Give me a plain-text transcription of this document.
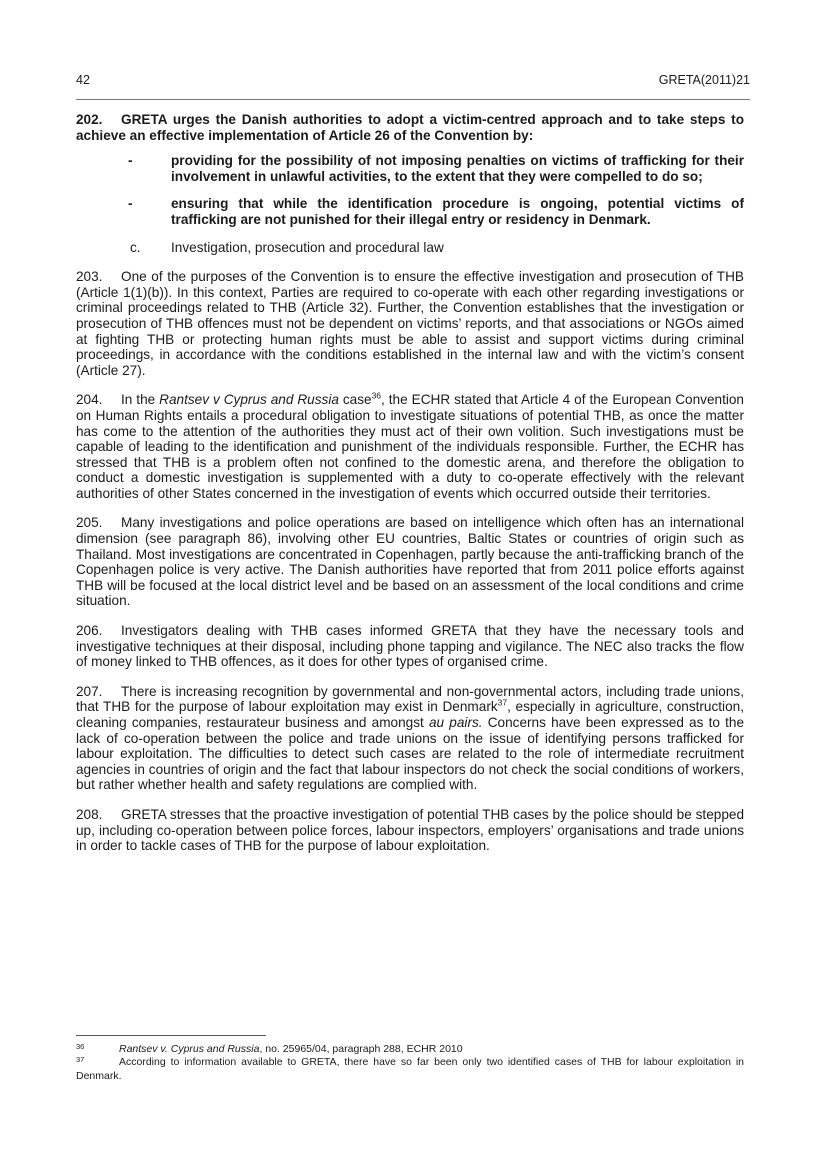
42	GRETA(2011)21

202. GRETA urges the Danish authorities to adopt a victim-centred approach and to take steps to achieve an effective implementation of Article 26 of the Convention by:

-	providing for the possibility of not imposing penalties on victims of trafficking for their involvement in unlawful activities, to the extent that they were compelled to do so;
-	ensuring that while the identification procedure is ongoing, potential victims of trafficking are not punished for their illegal entry or residency in Denmark.
c. Investigation, prosecution and procedural law

203. One of the purposes of the Convention is to ensure the effective investigation and prosecution of THB (Article 1(1)(b)). In this context, Parties are required to co-operate with each other regarding investigations or criminal proceedings related to THB (Article 32). Further, the Convention establishes that the investigation or prosecution of THB offences must not be dependent on victims’ reports, and that associations or NGOs aimed at fighting THB or protecting human rights must be able to assist and support victims during criminal proceedings, in accordance with the conditions established in the internal law and with the victim’s consent (Article 27).

204. In the Rantsev v Cyprus and Russia case$^{36}$, the ECHR stated that Article 4 of the European Convention on Human Rights entails a procedural obligation to investigate situations of potential THB, as once the matter has come to the attention of the authorities they must act of their own volition. Such investigations must be capable of leading to the identification and punishment of the individuals responsible. Further, the ECHR has stressed that THB is a problem often not confined to the domestic arena, and therefore the obligation to conduct a domestic investigation is supplemented with a duty to co-operate effectively with the relevant authorities of other States concerned in the investigation of events which occurred outside their territories.

205. Many investigations and police operations are based on intelligence which often has an international dimension (see paragraph 86), involving other EU countries, Baltic States or countries of origin such as Thailand. Most investigations are concentrated in Copenhagen, partly because the anti-trafficking branch of the Copenhagen police is very active. The Danish authorities have reported that from 2011 police efforts against THB will be focused at the local district level and be based on an assessment of the local conditions and crime situation.

206. Investigators dealing with THB cases informed GRETA that they have the necessary tools and investigative techniques at their disposal, including phone tapping and vigilance. The NEC also tracks the flow of money linked to THB offences, as it does for other types of organised crime.

207. There is increasing recognition by governmental and non-governmental actors, including trade unions, that THB for the purpose of labour exploitation may exist in Denmark$^{37}$, especially in agriculture, construction, cleaning companies, restaurateur business and amongst au pairs. Concerns have been expressed as to the lack of co-operation between the police and trade unions on the issue of identifying persons trafficked for labour exploitation. The difficulties to detect such cases are related to the role of intermediate recruitment agencies in countries of origin and the fact that labour inspectors do not check the social conditions of workers, but rather whether health and safety regulations are complied with.

208. GRETA stresses that the proactive investigation of potential THB cases by the police should be stepped up, including co-operation between police forces, labour inspectors, employers’ organisations and trade unions in order to tackle cases of THB for the purpose of labour exploitation.

36	Rantsev v. Cyprus and Russia, no. 25965/04, paragraph 288, ECHR 2010

37	According to information available to GRETA, there have so far been only two identified cases of THB for labour exploitation in Denmark.
